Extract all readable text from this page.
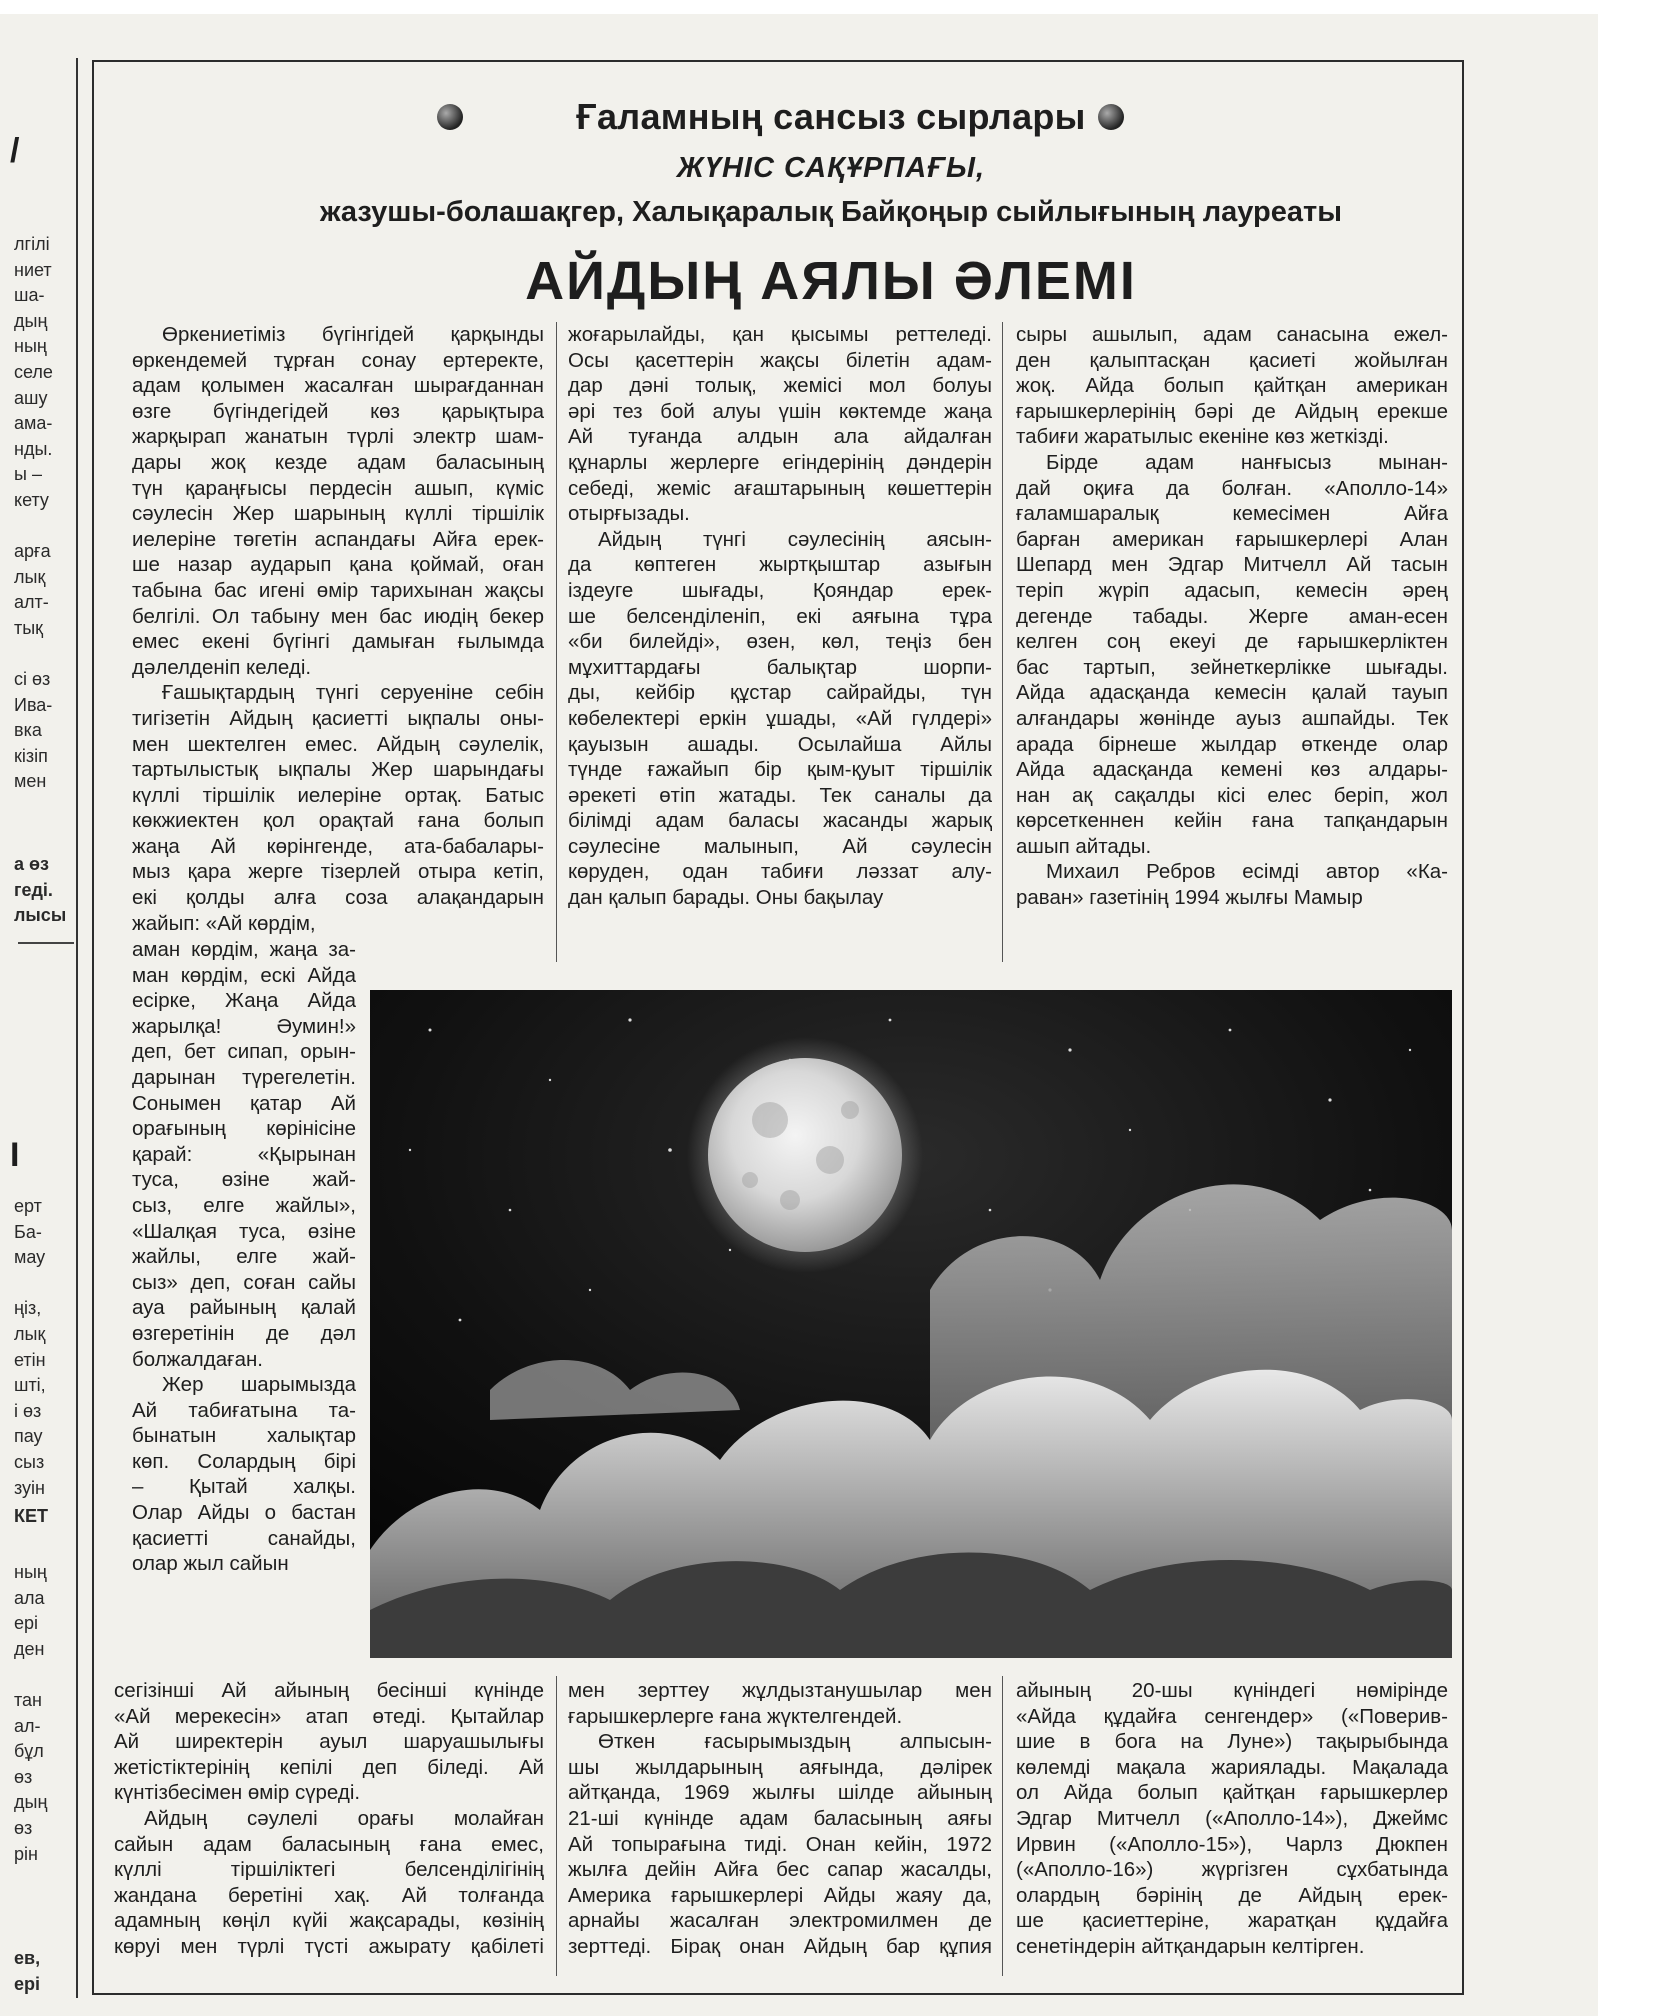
/
лгілі
ниет
ша-
дың
ның
селе
ашу
ама-
нды.
ы –
кету

арға
лық
алт-
тық

сі өз
Ива-
вка
кізіп
мен
а өз
геді.
лысы
I
ерт
Ба-
мау

ңіз,
лық
етін
шті,
і өз
пау
сыз
зуін
КЕТ
ның
ала
ері
ден

тан
ал-
бұл
өз
дың
өз
рін
ев,
ері
Ғаламның сансыз сырлары
ЖҮНІС САҚҰРПАҒЫ,
жазушы-болашақгер, Халықаралық Байқоңыр сыйлығының лауреаты
АЙДЫҢ АЯЛЫ ӘЛЕМІ
Өркениетіміз бүгінгідей қарқынды
өркендемей тұрған сонау ертеректе,
адам қолымен жасалған шырағданнан
өзге бүгіндегідей көз қарықтыра
жарқырап жанатын түрлі электр шам-
дары жоқ кезде адам баласының
түн қараңғысы пердесін ашып, күміс
сәулесін Жер шарының күллі тіршілік
иелеріне төгетін аспандағы Айға ерек-
ше назар аударып қана қоймай, оған
табына бас игені өмір тарихынан жақсы
белгілі. Ол табыну мен бас июдің бекер
емес екені бүгінгі дамыған ғылымда
дәлелденіп келеді.
Ғашықтардың түнгі серуеніне себін
тигізетін Айдың қасиетті ықпалы оны-
мен шектелген емес. Айдың сәулелік,
тартылыстық ықпалы Жер шарындағы
күллі тіршілік иелеріне ортақ. Батыс
көкжиектен қол орақтай ғана болып
жаңа Ай көрінгенде, ата-бабалары-
мыз қара жерге тізерлей отыра кетіп,
екі қолды алға соза алақандарын
жайып: «Ай көрдім,
аман көрдім, жаңа за-
ман көрдім, ескі Айда
есірке, Жаңа Айда
жарылқа! Әумин!»
деп, бет сипап, орын-
дарынан түрегелетін.
Сонымен қатар Ай
орағының көрінісіне
қарай: «Қырынан
туса, өзіне жай-
сыз, елге жайлы»,
«Шалқая туса, өзіне
жайлы, елге жай-
сыз» деп, соған сайы
ауа райының қалай
өзгеретінін де дәл
болжалдаған.
Жер шарымызда
Ай табиғатына та-
бынатын халықтар
көп. Солардың бірі
– Қытай халқы.
Олар Айды о бастан
қасиетті санайды,
олар жыл сайын
сегізінші Ай айының бесінші күнінде
«Ай мерекесін» атап өтеді. Қытайлар
Ай ширектерін ауыл шаруашылығы
жетістіктерінің кепілі деп біледі. Ай
күнтізбесімен өмір сүреді.
Айдың сәулелі орағы молайған
сайын адам баласының ғана емес,
күллі тіршіліктегі белсенділігінің
жандана беретіні хақ. Ай толғанда
адамның көңіл күйі жақсарады, көзінің
көруі мен түрлі түсті ажырату қабілеті
жоғарылайды, қан қысымы реттеледі.
Осы қасеттерін жақсы білетін адам-
дар дәні толық, жемісі мол болуы
әрі тез бой алуы үшін көктемде жаңа
Ай туғанда алдын ала айдалған
құнарлы жерлерге егіндерінің дәндерін
себеді, жеміс ағаштарының көшеттерін
отырғызады.
Айдың түнгі сәулесінің аясын-
да көптеген жыртқыштар азығын
іздеуге шығады, Қояндар ерек-
ше белсенділеніп, екі аяғына тұра
«би билейді», өзен, көл, теңіз бен
мұхиттардағы балықтар шорпи-
ды, кейбір құстар сайрайды, түн
көбелектері еркін ұшады, «Ай гүлдері»
қауызын ашады. Осылайша Айлы
түнде ғажайып бір қым-қуыт тіршілік
әрекеті өтіп жатады. Тек саналы да
білімді адам баласы жасанды жарық
сәулесіне малынып, Ай сәулесін
көруден, одан табиғи ләззат алу-
дан қалып барады. Оны бақылау
мен зерттеу жұлдызтанушылар мен
ғарышкерлерге ғана жүктелгендей.
Өткен ғасырымыздың алпысын-
шы жылдарының аяғында, дәлірек
айтқанда, 1969 жылғы шілде айының
21-ші күнінде адам баласының аяғы
Ай топырағына тиді. Онан кейін, 1972
жылға дейін Айға бес сапар жасалды,
Америка ғарышкерлері Айды жаяу да,
арнайы жасалған электромилмен де
зерттеді. Бірақ онан Айдың бар құпия
сыры ашылып, адам санасына ежел-
ден қалыптасқан қасиеті жойылған
жоқ. Айда болып қайтқан американ
ғарышкерлерінің бәрі де Айдың ерекше
табиғи жаратылыс екеніне көз жеткізді.
Бірде адам нанғысыз мынан-
дай оқиға да болған. «Аполло-14»
ғаламшаралық кемесімен Айға
барған американ ғарышкерлері Алан
Шепард мен Эдгар Митчелл Ай тасын
теріп жүріп адасып, кемесін әрең
дегенде табады. Жерге аман-есен
келген соң екеуі де ғарышкерліктен
бас тартып, зейнеткерлікке шығады.
Айда адасқанда кемесін қалай тауып
алғандары жөнінде ауыз ашпайды. Тек
арада бірнеше жылдар өткенде олар
Айда адасқанда кемені көз алдары-
нан ақ сақалды кісі елес беріп, жол
көрсеткеннен кейін ғана тапқандарын
ашып айтады.
Михаил Ребров есімді автор «Ка-
раван» газетінің 1994 жылғы Мамыр
айының 20-шы күніндегі нөмірінде
«Айда құдайға сенгендер» («Поверив-
шие в бога на Луне») тақырыбында
көлемді мақала жариялады. Мақалада
ол Айда болып қайтқан ғарышкерлер
Эдгар Митчелл («Аполло-14»), Джеймс
Ирвин («Аполло-15»), Чарлз Дюкпен
(«Аполло-16») жүргізген сұхбатында
олардың бәрінің де Айдың ерек-
ше қасиеттеріне, жаратқан құдайға
сенетіндерін айтқандарын келтірген.
